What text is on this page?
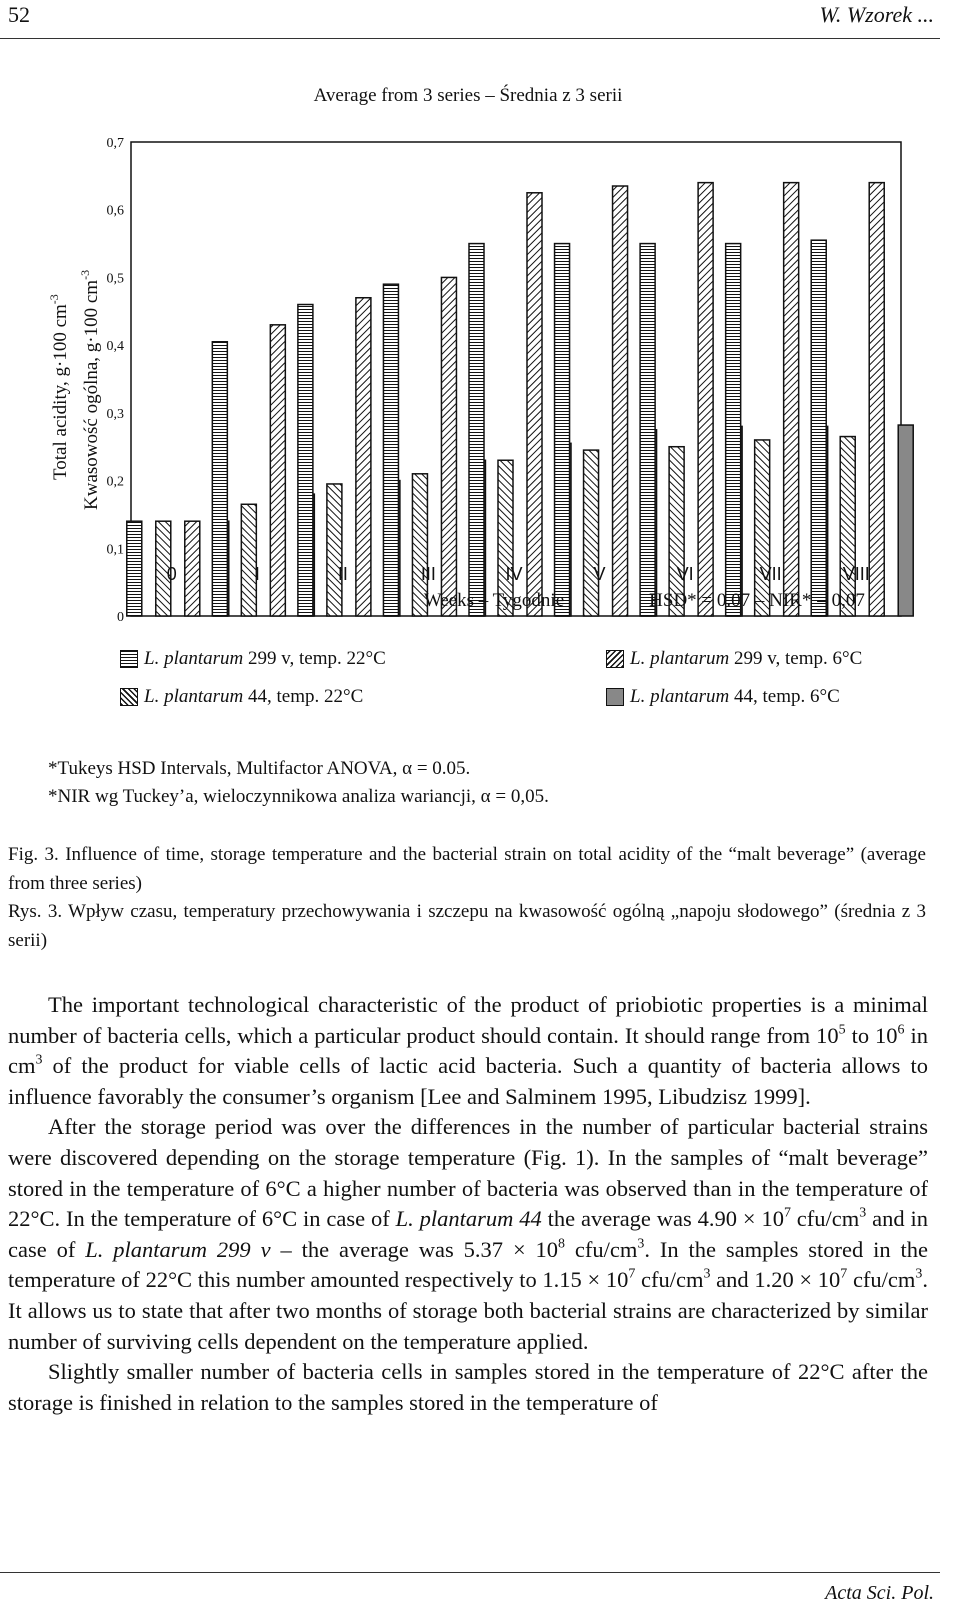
52	W. Wzorek ...
Average from 3 series – Średnia z 3 serii
0
0,1
0,2
0,3
0,4
0,5
0,6
0,7
0	I	II	III	IV	V	VI	VII	VIII
Total acidity, g·100 $cm^{-3}$	Kwasowość ogólna, g·100 $cm^{-3}$
Weeks – Tygodnie	HSD* = 0.07 – NIR* = 0,07
L. plantarum 299 v, temp. 22°C	L. plantarum 299 v, temp. 6°C
L. plantarum 44, temp. 22°C	L. plantarum 44, temp. 6°C
*Tukeys HSD Intervals, Multifactor ANOVA, α = 0.05.
*NIR wg Tuckey’a, wieloczynnikowa analiza wariancji, α = 0,05.
Fig. 3. Influence of time, storage temperature and the bacterial strain on total acidity of the “malt beverage” (average from three series)
Rys. 3. Wpływ czasu, temperatury przechowywania i szczepu na kwasowość ogólną „napoju słodowego” (średnia z 3 serii)

The important technological characteristic of the product of priobiotic properties is a minimal number of bacteria cells, which a particular product should contain. It should range from $10^5$ to $10^6$ in $cm^3$ of the product for viable cells of lactic acid bacteria. Such a quantity of bacteria allows to influence favorably the consumer’s organism [Lee and Salminem 1995, Libudzisz 1999].

After the storage period was over the differences in the number of particular bacterial strains were discovered depending on the storage temperature (Fig. 1). In the samples of “malt beverage” stored in the temperature of 6°C a higher number of bacteria was observed than in the temperature of 22°C. In the temperature of 6°C in case of L. plantarum 44 the average was $4.90 \times 10^7$ cfu/$cm^3$ and in case of L. plantarum 299 v – the average was $5.37 \times 10^8$ cfu/$cm^3$. In the samples stored in the temperature of 22°C this number amounted respectively to $1.15 \times 10^7$ cfu/$cm^3$ and $1.20 \times 10^7$ cfu/$cm^3$. It allows us to state that after two months of storage both bacterial strains are characterized by similar number of surviving cells dependent on the temperature applied.

Slightly smaller number of bacteria cells in samples stored in the temperature of 22°C after the storage is finished in relation to the samples stored in the temperature of

Acta Sci. Pol.
